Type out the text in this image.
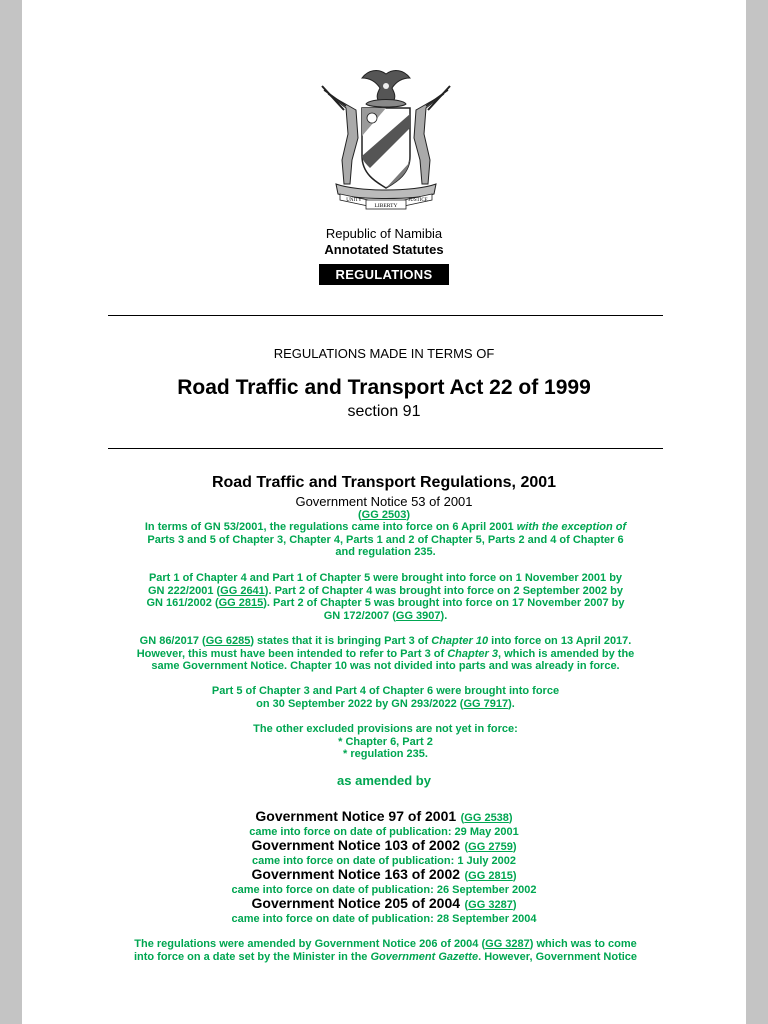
UNITY
LIBERTY
JUSTICE
Republic of Namibia
Annotated Statutes
REGULATIONS
REGULATIONS MADE IN TERMS OF
Road Traffic and Transport Act 22 of 1999
section 91
Road Traffic and Transport Regulations, 2001
Government Notice 53 of 2001
(GG 2503)
In terms of GN 53/2001, the regulations came into force on 6 April 2001 with the exception of
Parts 3 and 5 of Chapter 3, Chapter 4, Parts 1 and 2 of Chapter 5, Parts 2 and 4 of Chapter 6
and regulation 235.
Part 1 of Chapter 4 and Part 1 of Chapter 5 were brought into force on 1 November 2001 by
GN 222/2001 (GG 2641). Part 2 of Chapter 4 was brought into force on 2 September 2002 by
GN 161/2002 (GG 2815). Part 2 of Chapter 5 was brought into force on 17 November 2007 by
GN 172/2007 (GG 3907).
GN 86/2017 (GG 6285) states that it is bringing Part 3 of Chapter 10 into force on 13 April 2017.
However, this must have been intended to refer to Part 3 of Chapter 3, which is amended by the
same Government Notice. Chapter 10 was not divided into parts and was already in force.
Part 5 of Chapter 3 and Part 4 of Chapter 6 were brought into force
on 30 September 2022 by GN 293/2022 (GG 7917).
The other excluded provisions are not yet in force:
* Chapter 6, Part 2
* regulation 235.
as amended by
Government Notice 97 of 2001 (GG 2538)
came into force on date of publication: 29 May 2001
Government Notice 103 of 2002 (GG 2759)
came into force on date of publication: 1 July 2002
Government Notice 163 of 2002 (GG 2815)
came into force on date of publication: 26 September 2002
Government Notice 205 of 2004 (GG 3287)
came into force on date of publication: 28 September 2004
The regulations were amended by Government Notice 206 of 2004 (GG 3287) which was to come
into force on a date set by the Minister in the Government Gazette. However, Government Notice
